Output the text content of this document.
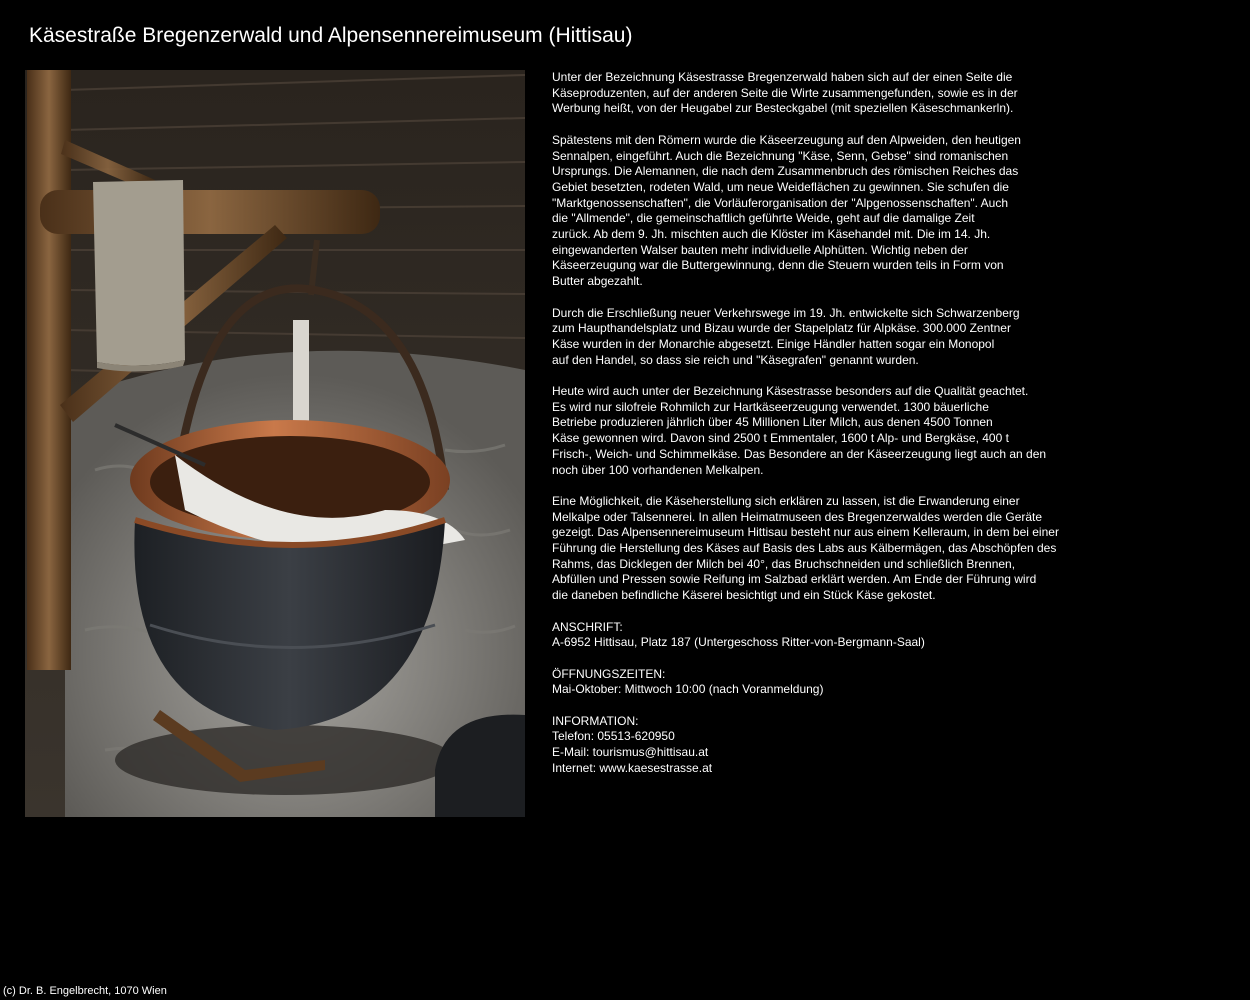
Käsestraße Bregenzerwald und Alpensennereimuseum (Hittisau)

Unter der Bezeichnung Käsestrasse Bregenzerwald haben sich auf der einen Seite die
Käseproduzenten, auf der anderen Seite die Wirte zusammengefunden, sowie es in der
Werbung heißt, von der Heugabel zur Besteckgabel (mit speziellen Käseschmankerln).

Spätestens mit den Römern wurde die Käseerzeugung auf den Alpweiden, den heutigen
Sennalpen, eingeführt. Auch die Bezeichnung "Käse, Senn, Gebse" sind romanischen
Ursprungs. Die Alemannen, die nach dem Zusammenbruch des römischen Reiches das
Gebiet besetzten, rodeten Wald, um neue Weideflächen zu gewinnen. Sie schufen die
"Marktgenossenschaften", die Vorläuferorganisation der "Alpgenossenschaften". Auch
die "Allmende", die gemeinschaftlich geführte Weide, geht auf die damalige Zeit
zurück. Ab dem 9. Jh. mischten auch die Klöster im Käsehandel mit. Die im 14. Jh.
eingewanderten Walser bauten mehr individuelle Alphütten. Wichtig neben der
Käseerzeugung war die Buttergewinnung, denn die Steuern wurden teils in Form von
Butter abgezahlt.

Durch die Erschließung neuer Verkehrswege im 19. Jh. entwickelte sich Schwarzenberg
zum Haupthandelsplatz und Bizau wurde der Stapelplatz für Alpkäse. 300.000 Zentner
Käse wurden in der Monarchie abgesetzt. Einige Händler hatten sogar ein Monopol
auf den Handel, so dass sie reich und "Käsegrafen" genannt wurden.

Heute wird auch unter der Bezeichnung Käsestrasse besonders auf die Qualität geachtet.
Es wird nur silofreie Rohmilch zur Hartkäseerzeugung verwendet. 1300 bäuerliche
Betriebe produzieren jährlich über 45 Millionen Liter Milch, aus denen 4500 Tonnen
Käse gewonnen wird. Davon sind 2500 t Emmentaler, 1600 t Alp- und Bergkäse, 400 t
Frisch-, Weich- und Schimmelkäse. Das Besondere an der Käseerzeugung liegt auch an den
noch über 100 vorhandenen Melkalpen.

Eine Möglichkeit, die Käseherstellung sich erklären zu lassen, ist die Erwanderung einer
Melkalpe oder Talsennerei. In allen Heimatmuseen des Bregenzerwaldes werden die Geräte
gezeigt. Das Alpensennereimuseum Hittisau besteht nur aus einem Kelleraum, in dem bei einer
Führung die Herstellung des Käses auf Basis des Labs aus Kälbermägen, das Abschöpfen des
Rahms, das Dicklegen der Milch bei 40°, das Bruchschneiden und schließlich Brennen,
Abfüllen und Pressen sowie Reifung im Salzbad erklärt werden. Am Ende der Führung wird
die daneben befindliche Käserei besichtigt und ein Stück Käse gekostet.

ANSCHRIFT:
A-6952 Hittisau, Platz 187 (Untergeschoss Ritter-von-Bergmann-Saal)
ÖFFNUNGSZEITEN:
Mai-Oktober: Mittwoch 10:00 (nach Voranmeldung)
INFORMATION:
Telefon: 05513-620950
E-Mail: tourismus@hittisau.at
Internet: www.kaesestrasse.at
(c) Dr. B. Engelbrecht, 1070 Wien
